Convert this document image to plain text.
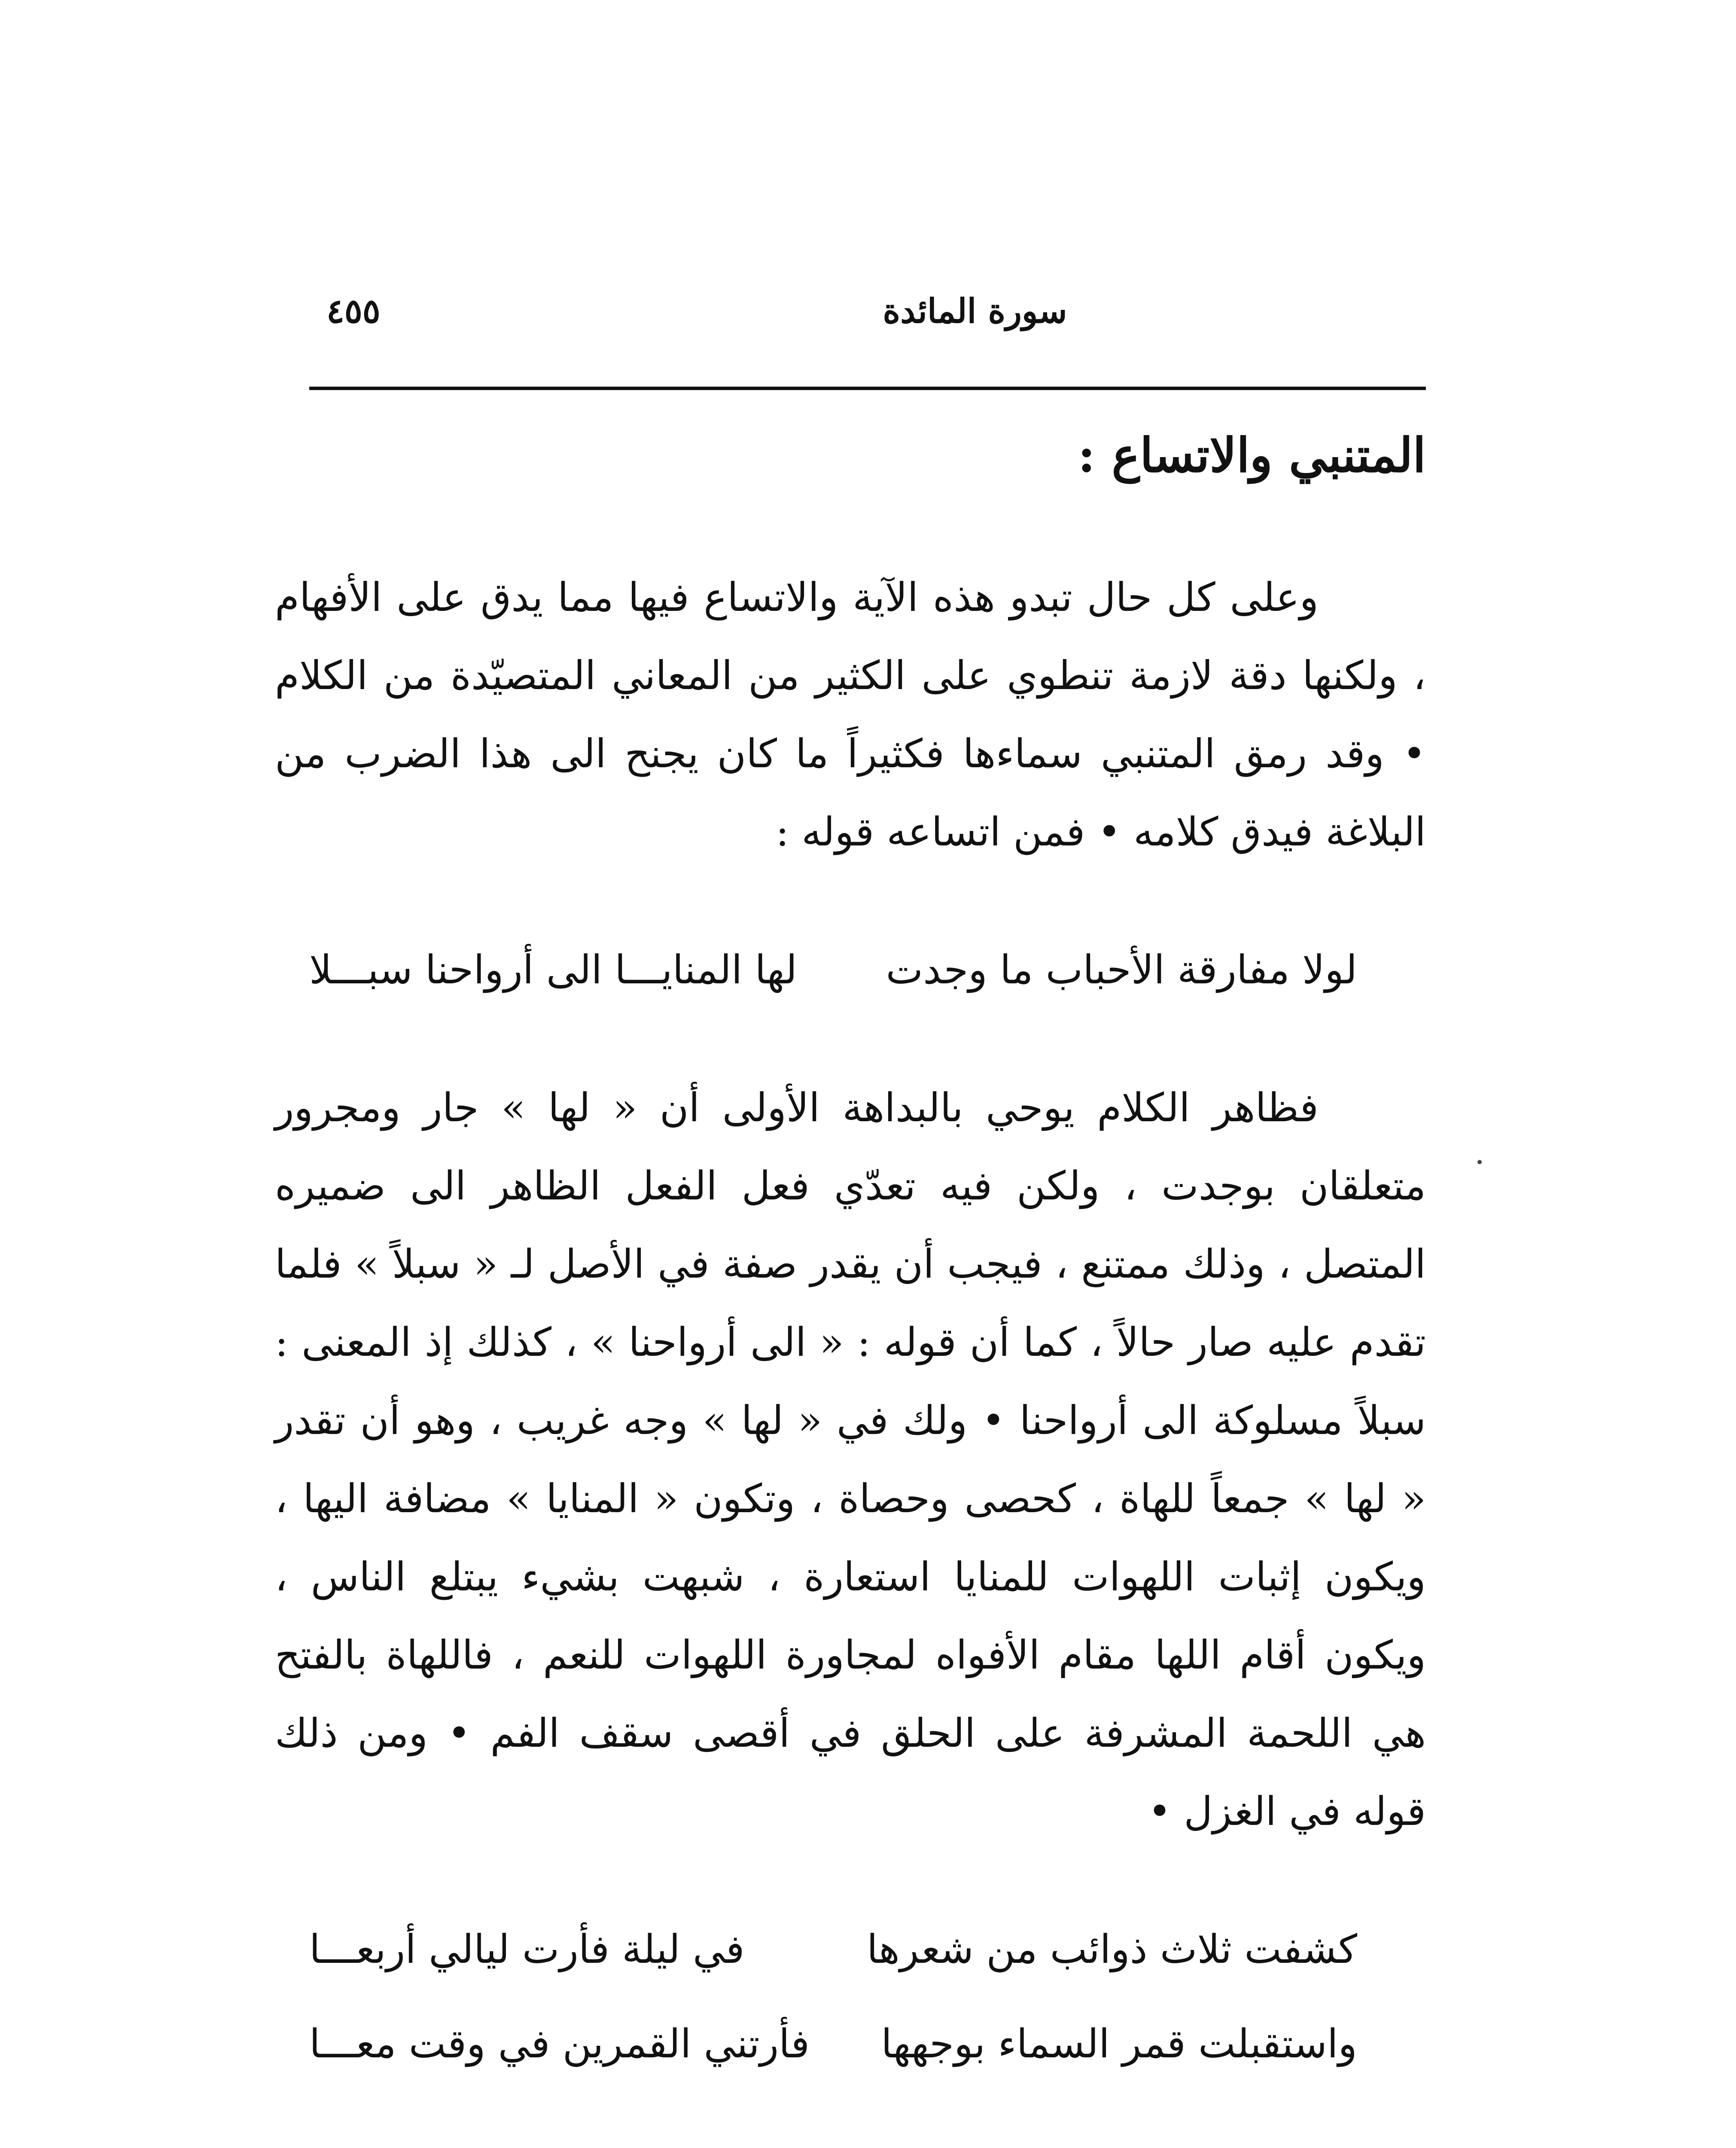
٤٥٥	سورة المائدة
المتنبي والاتساع :

وعلى كل حال تبدو هذه الآية والاتساع فيها مما يدق على الأفهام ، ولكنها دقة لازمة تنطوي على الكثير من المعاني المتصيّدة من الكلام • وقد رمق المتنبي سماءها فكثيراً ما كان يجنح الى هذا الضرب من البلاغة فيدق كلامه • فمن اتساعه قوله :

لولا مفارقة الأحباب ما وجدت
لها المنايـــا الى أرواحنا سبـــلا

فظاهر الكلام يوحي بالبداهة الأولى أن « لها » جار ومجرور متعلقان بوجدت ، ولكن فيه تعدّي فعل الفعل الظاهر الى ضميره المتصل ، وذلك ممتنع ، فيجب أن يقدر صفة في الأصل لـ « سبلاً » فلما تقدم عليه صار حالاً ، كما أن قوله : « الى أرواحنا » ، كذلك إذ المعنى : سبلاً مسلوكة الى أرواحنا • ولك في « لها » وجه غريب ، وهو أن تقدر « لها » جمعاً للهاة ، كحصى وحصاة ، وتكون « المنايا » مضافة اليها ، ويكون إثبات اللهوات للمنايا استعارة ، شبهت بشيء يبتلع الناس ، ويكون أقام اللها مقام الأفواه لمجاورة اللهوات للنعم ، فاللهاة بالفتح هي اللحمة المشرفة على الحلق في أقصى سقف الفم • ومن ذلك قوله في الغزل •

كشفت ثلاث ذوائب من شعرها
في ليلة فأرت ليالي أربعـــا
واستقبلت قمر السماء بوجهها
فأرتني القمرين في وقت معـــا
